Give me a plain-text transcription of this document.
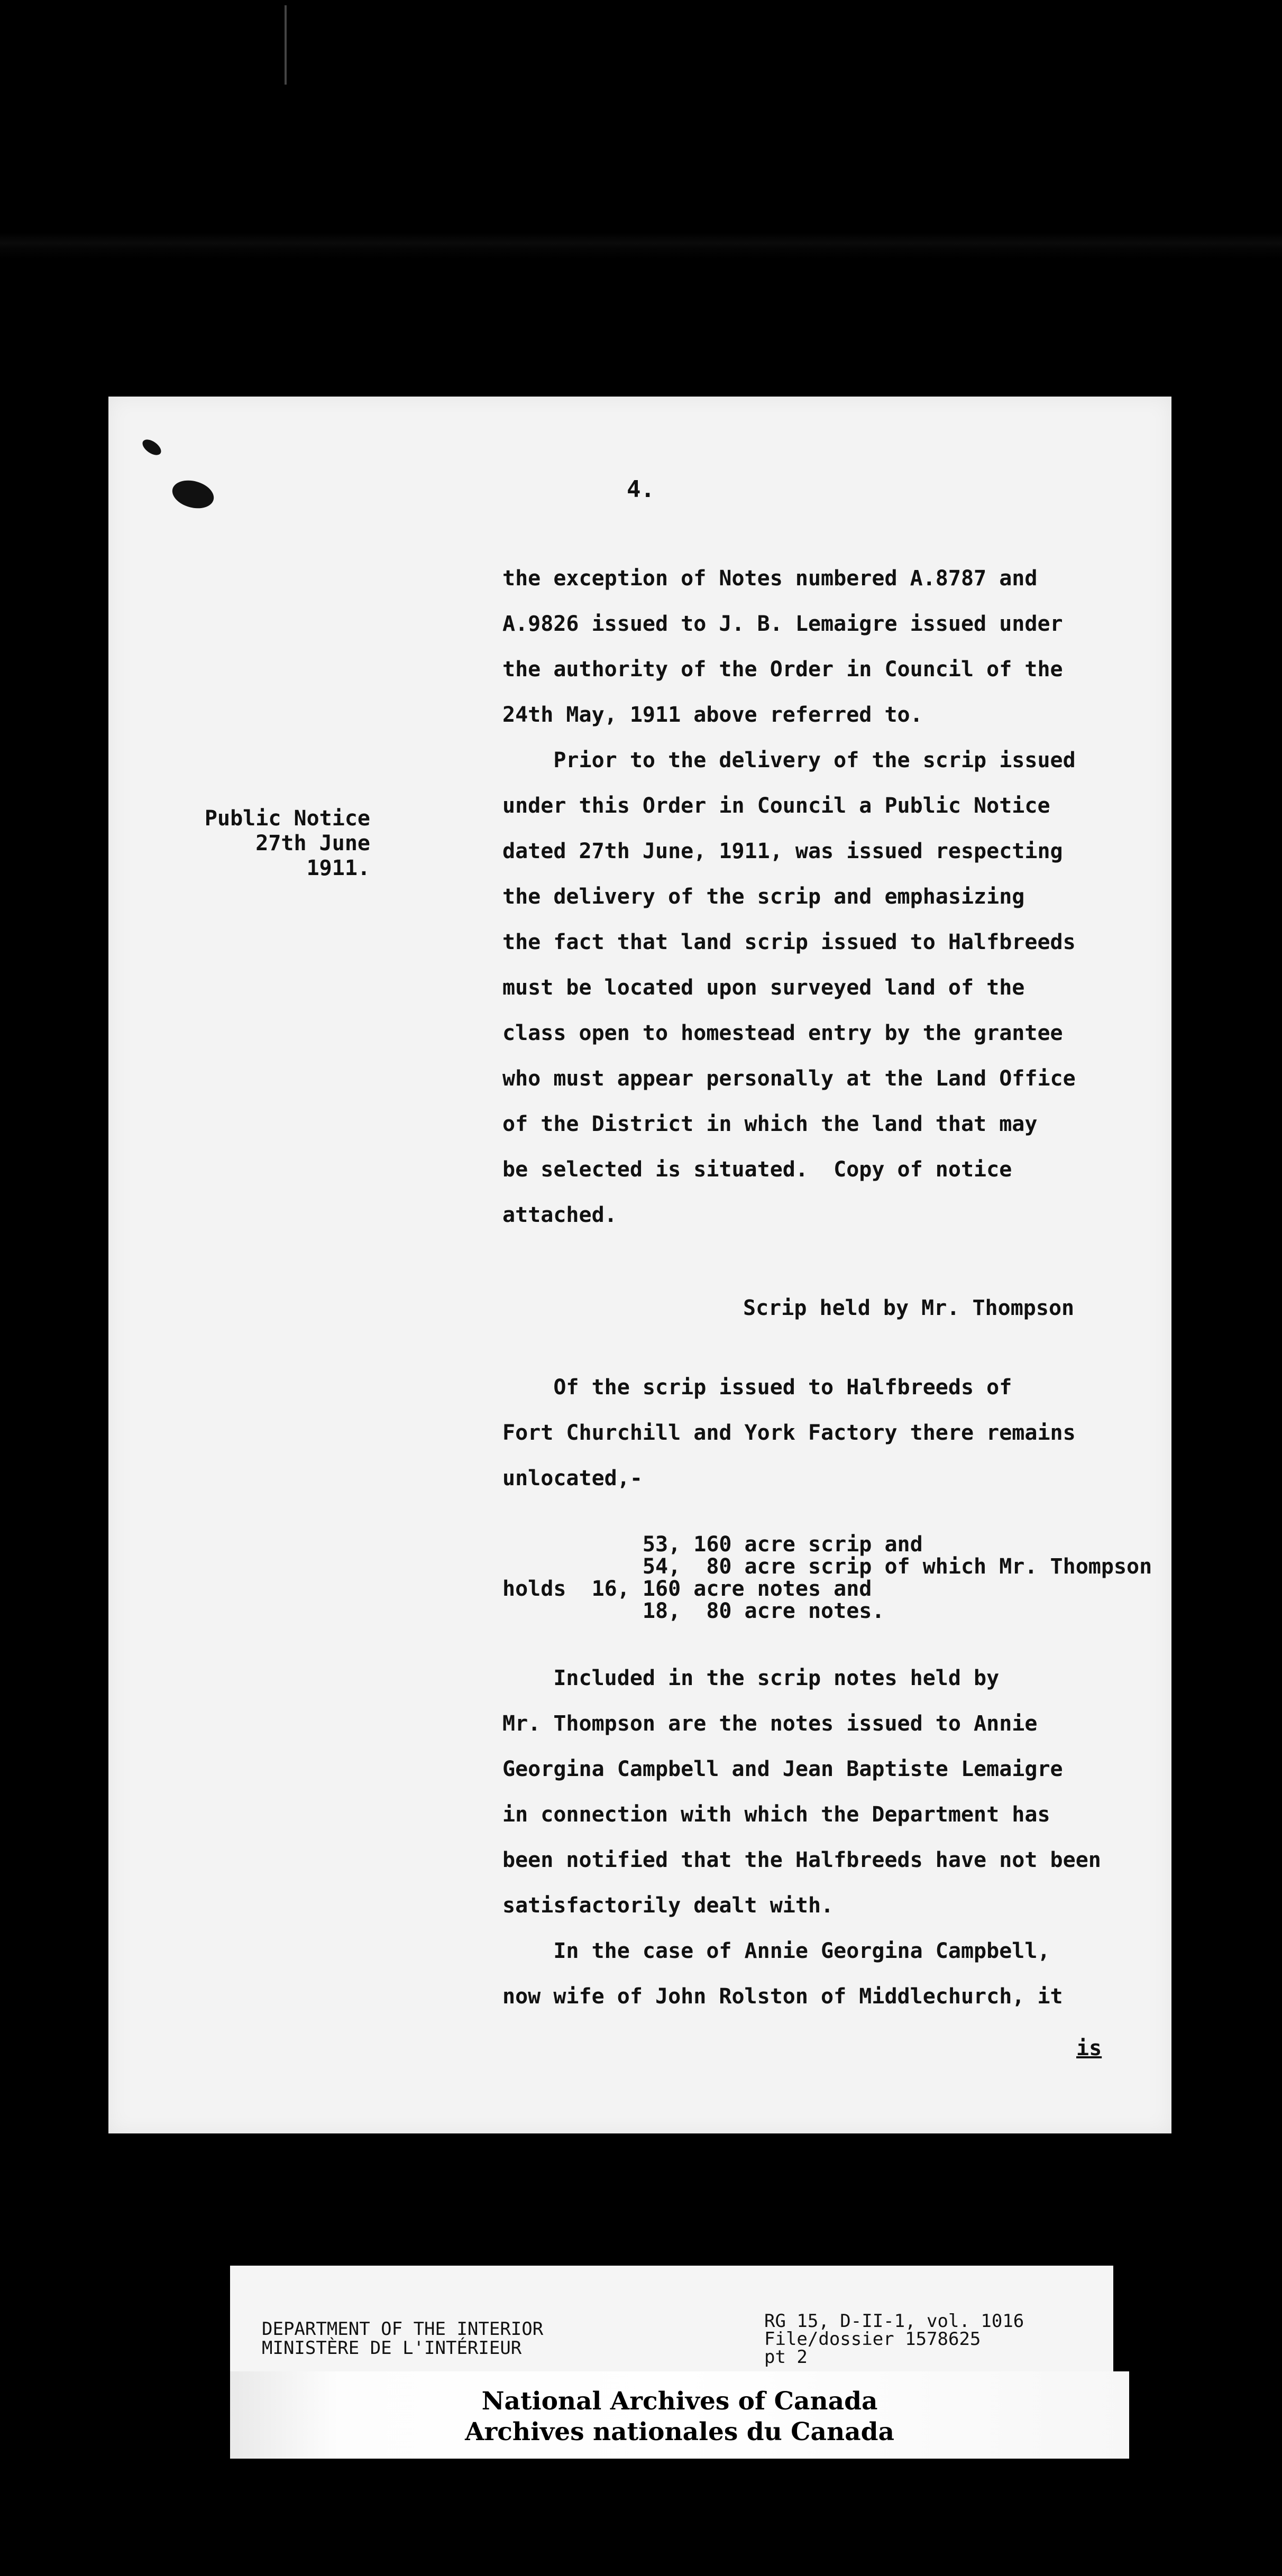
4.
Public Notice
27th June
1911.
the exception of Notes numbered A.8787 and
A.9826 issued to J. B. Lemaigre issued under
the authority of the Order in Council of the
24th May, 1911 above referred to.
Prior to the delivery of the scrip issued
under this Order in Council a Public Notice
dated 27th June, 1911, was issued respecting
the delivery of the scrip and emphasizing
the fact that land scrip issued to Halfbreeds
must be located upon surveyed land of the
class open to homestead entry by the grantee
who must appear personally at the Land Office
of the District in which the land that may
be selected is situated.  Copy of notice
attached.
Scrip held by Mr. Thompson
Of the scrip issued to Halfbreeds of
Fort Churchill and York Factory there remains
unlocated,-
53, 160 acre scrip and
54,  80 acre scrip of which Mr. Thompson
holds  16, 160 acre notes and
18,  80 acre notes.
Included in the scrip notes held by
Mr. Thompson are the notes issued to Annie
Georgina Campbell and Jean Baptiste Lemaigre
in connection with which the Department has
been notified that the Halfbreeds have not been
satisfactorily dealt with.
In the case of Annie Georgina Campbell,
now wife of John Rolston of Middlechurch, it
is
DEPARTMENT OF THE INTERIOR
MINISTÈRE DE L'INTÉRIEUR
RG 15, D-II-1, vol. 1016
File/dossier 1578625
pt 2
National Archives of Canada
Archives nationales du Canada
